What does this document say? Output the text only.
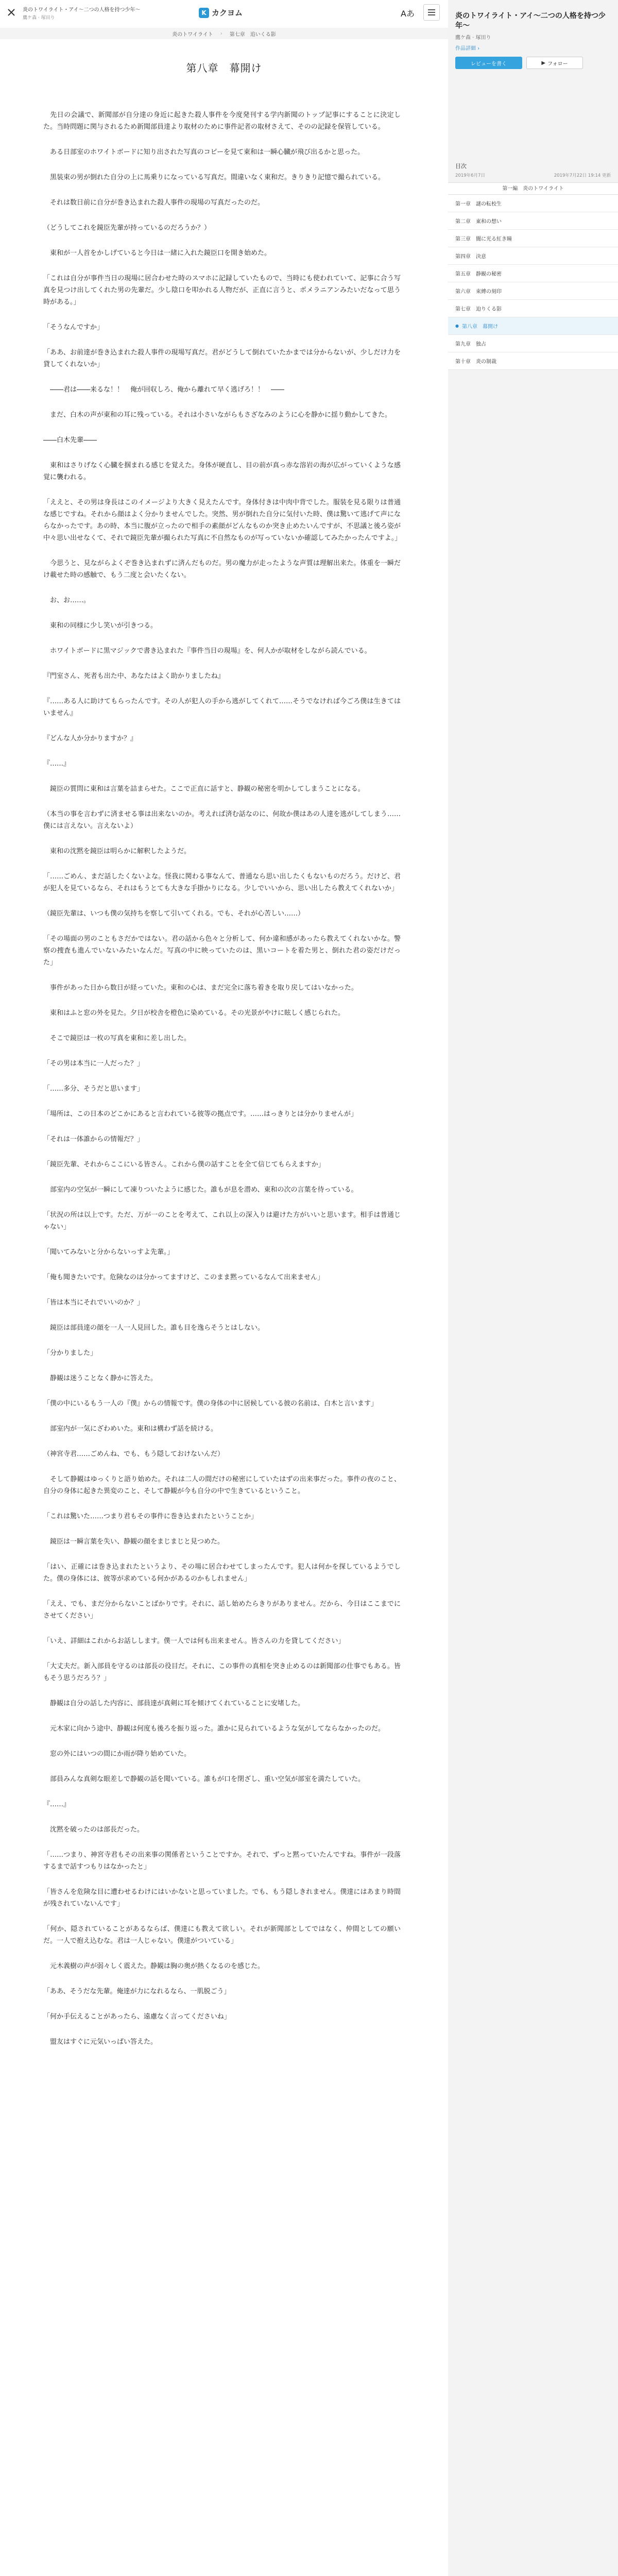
炎のトワイライト・アイ～二つの人格を持つ少年～
鷹ケ森 · 塚田り
K カクヨム	Aあ
炎のトワイライト › 第七章　追いくる影
第八章　幕開け

　先日の会議で、新聞部が自分達の身近に起きた殺人事件を今度発刊する学内新聞のトップ記事にすることに決定した。当時問題に関与されるため新聞部員達より取材のために事件記者の取材さえて、そのの記録を保管している。

　ある日部室のホワイトボードに知り出された写真のコピーを見て東和は一瞬心臓が飛び出るかと思った。

　黒装束の男が倒れた自分の上に馬乗りになっている写真だ。間違いなく東和だ。きりきり記憶で撮られている。

　それは数日前に自分が巻き込まれた殺人事件の現場の写真だったのだ。

（どうしてこれを鏡臣先輩が持っているのだろうか？）

　東和が一人首をかしげていると今日は一緒に入れた鏡臣口を開き始めた。

「これは自分が事件当日の現場に居合わせた時のスマホに記録していたもので、当時にも使われていて、記事に合う写真を見つけ出してくれた男の先輩だ。少し陰口を叩かれる人物だが、正直に言うと、ポメラニアンみたいだなって思う時がある。」

「そうなんですか」

「ああ、お前達が巻き込まれた殺人事件の現場写真だ。君がどうして倒れていたかまでは分からないが、少しだけ力を貸してくれないか」

　――君は――来るな！！　俺が回収しろ、俺から離れて早く逃げろ！！　――

　まだ、白木の声が東和の耳に残っている。それは小さいながらもさざなみのように心を静かに揺り動かしてきた。

――白木先輩――

　東和はさりげなく心臓を掴まれる感じを覚えた。身体が硬直し、目の前が真っ赤な溶岩の海が広がっていくような感覚に襲われる。

「ええと、その男は身長はこのイメージより大きく見えたんです。身体付きは中肉中背でした。服装を見る限りは普通な感じですね。それから顔はよく分かりませんでした。突然、男が倒れた自分に気付いた時、僕は驚いて逃げて声にならなかったです。あの時、本当に腹が立ったので相手の素顔がどんなものか突き止めたいんですが、不思議と後ろ姿が中々思い出せなくて、それで鏡臣先輩が撮られた写真に不自然なものが写っていないか確認してみたかったんですよ。」

　今思うと、見ながらよくぞ巻き込まれずに済んだものだ。男の魔力が走ったような声質は理解出来た。体重を一瞬だけ載せた時の感触で、もう二度と会いたくない。

　お、お……。

　東和の同様に少し笑いが引きつる。

　ホワイトボードに黒マジックで書き込まれた『事件当日の現場』を、何人かが取材をしながら読んでいる。

『門室さん、死者も出た中、あなたはよく助かりましたね』

『……ある人に助けてもらったんです。その人が犯人の手から逃がしてくれて……そうでなければ今ごろ僕は生きてはいません』

『どんな人か分かりますか？』

『……』

　鏡臣の質問に東和は言葉を詰まらせた。ここで正直に話すと、静観の秘密を明かしてしまうことになる。

（本当の事を言わずに済ませる事は出来ないのか。考えれば済む話なのに、何故か僕はあの人達を逃がしてしまう……僕には言えない。言えないよ）

　東和の沈黙を鏡臣は明らかに解釈したようだ。

「……ごめん、まだ話したくないよな。怪我に関わる事なんて、普通なら思い出したくもないものだろう。だけど、君が犯人を見ているなら、それはもうとても大きな手掛かりになる。少しでいいから、思い出したら教えてくれないか」

（鏡臣先輩は、いつも僕の気持ちを察して引いてくれる。でも、それが心苦しい……）

「その場面の男のこともさだかではない。君の話から色々と分析して、何か違和感があったら教えてくれないかな。警察の捜査も進んでいないみたいなんだ。写真の中に映っていたのは、黒いコートを着た男と、倒れた君の姿だけだった」

　事件があった日から数日が経っていた。東和の心は、まだ完全に落ち着きを取り戻してはいなかった。

　東和はふと窓の外を見た。夕日が校舎を橙色に染めている。その光景がやけに眩しく感じられた。

　そこで鏡臣は一枚の写真を東和に差し出した。

「その男は本当に一人だった？」

「……多分、そうだと思います」

「場所は、この日本のどこかにあると言われている彼等の拠点です。……はっきりとは分かりませんが」

「それは一体誰からの情報だ？」

「鏡臣先輩、それからここにいる皆さん。これから僕の話すことを全て信じてもらえますか」

　部室内の空気が一瞬にして凍りついたように感じた。誰もが息を潜め、東和の次の言葉を待っている。

「状況の所は以上です。ただ、万が一のことを考えて、これ以上の深入りは避けた方がいいと思います。相手は普通じゃない」

「聞いてみないと分からないっすよ先輩。」

「俺も聞きたいです。危険なのは分かってますけど、このまま黙っているなんて出来ません」

「皆は本当にそれでいいのか？」

　鏡臣は部員達の顔を一人一人見回した。誰も目を逸らそうとはしない。

「分かりました」

　静観は迷うことなく静かに答えた。

「僕の中にいるもう一人の『僕』からの情報です。僕の身体の中に居候している彼の名前は、白木と言います」

　部室内が一気にざわめいた。東和は構わず話を続ける。

（神宮寺君……ごめんね、でも、もう隠しておけないんだ）

　そして静観はゆっくりと語り始めた。それは二人の間だけの秘密にしていたはずの出来事だった。事件の夜のこと、自分の身体に起きた異変のこと、そして静観が今も自分の中で生きているということ。

「これは驚いた……つまり君もその事件に巻き込まれたということか」

　鏡臣は一瞬言葉を失い、静観の顔をまじまじと見つめた。

「はい、正確には巻き込まれたというより、その場に居合わせてしまったんです。犯人は何かを探しているようでした。僕の身体には、彼等が求めている何かがあるのかもしれません」

「ええ、でも、まだ分からないことばかりです。それに、話し始めたらきりがありません。だから、今日はここまでにさせてください」

「いえ、詳細はこれからお話しします。僕一人では何も出来ません。皆さんの力を貸してください」

「大丈夫だ。新入部員を守るのは部長の役目だ。それに、この事件の真相を突き止めるのは新聞部の仕事でもある。皆もそう思うだろう？」

　静観は自分の話した内容に、部員達が真剣に耳を傾けてくれていることに安堵した。

　元木家に向かう途中、静観は何度も後ろを振り返った。誰かに見られているような気がしてならなかったのだ。

　窓の外にはいつの間にか雨が降り始めていた。

　部員みんな真剣な眼差しで静観の話を聞いている。誰もが口を閉ざし、重い空気が部室を満たしていた。

『……』

　沈黙を破ったのは部長だった。

「……つまり、神宮寺君もその出来事の関係者ということですか。それで、ずっと黙っていたんですね。事件が一段落するまで話すつもりはなかったと」

「皆さんを危険な目に遭わせるわけにはいかないと思っていました。でも、もう隠しきれません。僕達にはあまり時間が残されていないんです」

「何か、隠されていることがあるならば、僕達にも教えて欲しい。それが新聞部としてではなく、仲間としての願いだ。一人で抱え込むな。君は一人じゃない。僕達がついている」

　元木義樹の声が弱々しく震えた。静観は胸の奥が熱くなるのを感じた。

「ああ、そうだな先輩。俺達が力になれるなら、一肌脱ごう」

「何か手伝えることがあったら、遠慮なく言ってくださいね」

　盟友はすぐに元気いっぱい答えた。

炎のトワイライト・アイ～二つの人格を持つ少年～
鷹ケ森 · 塚田り
作品詳細 ›
レビューを書く	▶ フォロー
目次
2019年6月7日	2019年7月22日 19:14 更新
第一編　炎のトワイライト
第一章　謎の転校生
第二章　東和の想い
第三章　闇に光る紅き瞳
第四章　決意
第五章　静観の秘密
第六章　束縛の刻印
第七章　迫りくる影
● 第八章　幕開け
第九章　独占
第十章　炎の制裁
